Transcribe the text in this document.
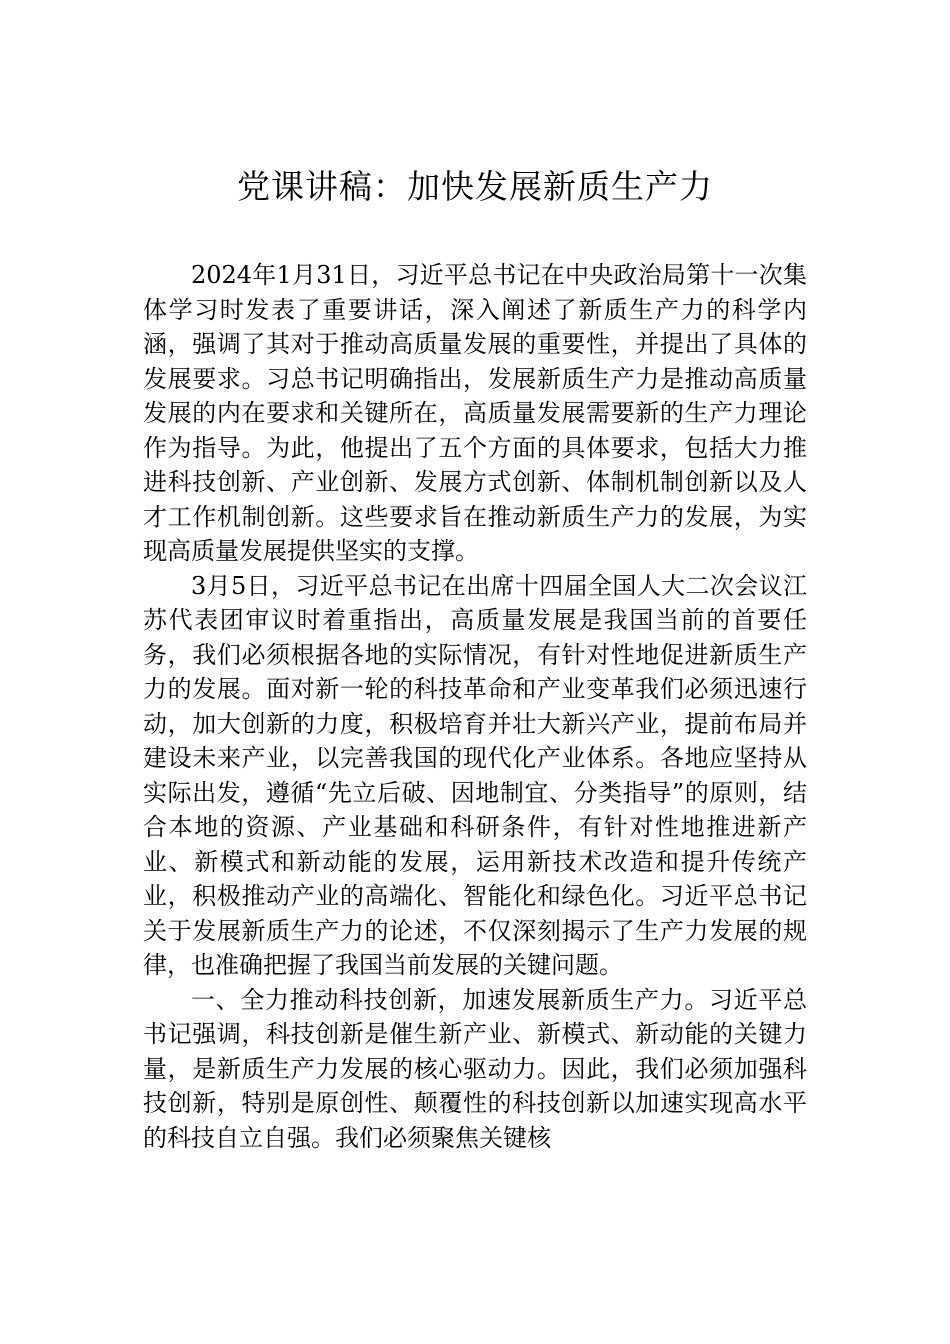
党课讲稿：加快发展新质生产力

2024年1月31日，习近平总书记在中央政治局第十一次集体学习时发表了重要讲话，深入阐述了新质生产力的科学内涵，强调了其对于推动高质量发展的重要性，并提出了具体的发展要求。习总书记明确指出，发展新质生产力是推动高质量发展的内在要求和关键所在，高质量发展需要新的生产力理论作为指导。为此，他提出了五个方面的具体要求，包括大力推进科技创新、产业创新、发展方式创新、体制机制创新以及人才工作机制创新。这些要求旨在推动新质生产力的发展，为实现高质量发展提供坚实的支撑。

3月5日，习近平总书记在出席十四届全国人大二次会议江苏代表团审议时着重指出，高质量发展是我国当前的首要任务，我们必须根据各地的实际情况，有针对性地促进新质生产力的发展。面对新一轮的科技革命和产业变革我们必须迅速行动，加大创新的力度，积极培育并壮大新兴产业，提前布局并建设未来产业，以完善我国的现代化产业体系。各地应坚持从实际出发，遵循“先立后破、因地制宜、分类指导”的原则，结合本地的资源、产业基础和科研条件，有针对性地推进新产业、新模式和新动能的发展，运用新技术改造和提升传统产业，积极推动产业的高端化、智能化和绿色化。习近平总书记关于发展新质生产力的论述，不仅深刻揭示了生产力发展的规律，也准确把握了我国当前发展的关键问题。

一、全力推动科技创新，加速发展新质生产力。习近平总书记强调，科技创新是催生新产业、新模式、新动能的关键力量，是新质生产力发展的核心驱动力。因此，我们必须加强科技创新，特别是原创性、颠覆性的科技创新以加速实现高水平的科技自立自强。我们必须聚焦关键核
